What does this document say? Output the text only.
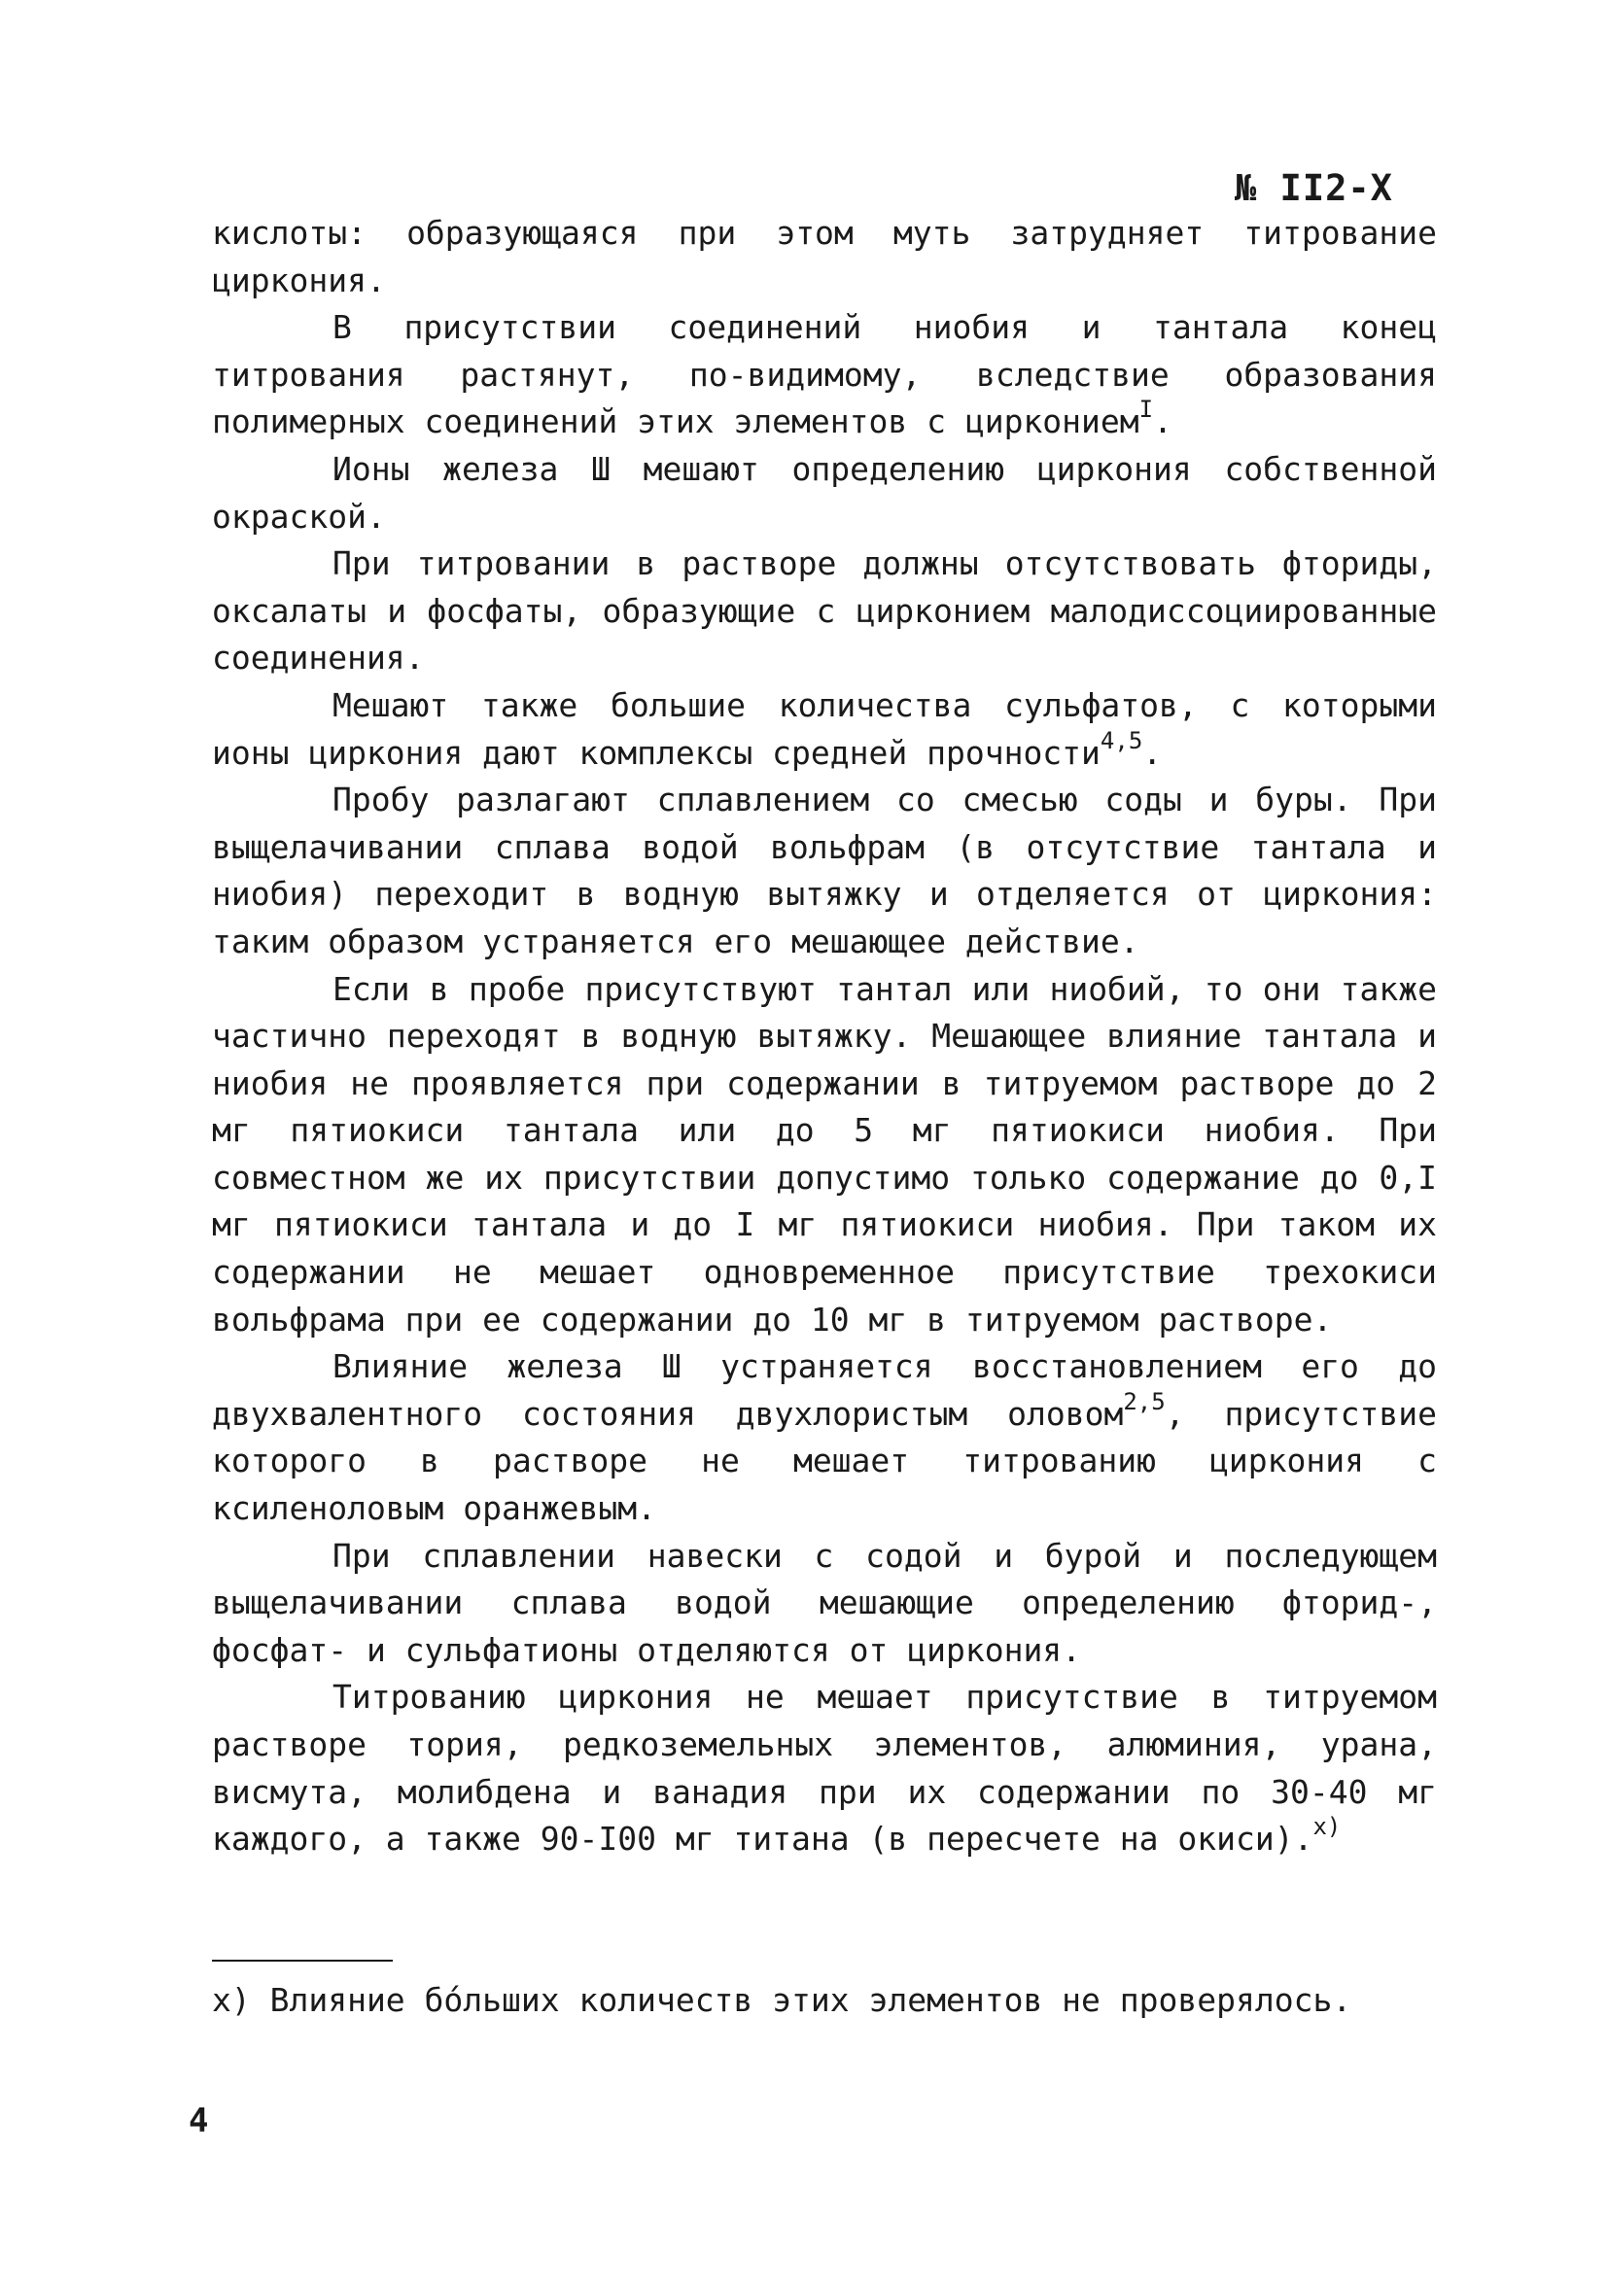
№ II2-X

кислоты: образующаяся при этом муть затрудняет титрование циркония.

В присутствии соединений ниобия и тантала конец титрования растянут, по-видимому, вследствие образования полимерных соединений этих элементов с цирконием$^I$.

Ионы железа Ш мешают определению циркония собственной окраской.

При титровании в растворе должны отсутствовать фториды, оксалаты и фосфаты, образующие с цирконием малодиссоциированные соединения.

Мешают также большие количества сульфатов, с которыми ионы циркония дают комплексы средней прочности$^{4,5}$.

Пробу разлагают сплавлением со смесью соды и буры. При выщелачивании сплава водой вольфрам (в отсутствие тантала и ниобия) переходит в водную вытяжку и отделяется от циркония: таким образом устраняется его мешающее действие.

Если в пробе присутствуют тантал или ниобий, то они также частично переходят в водную вытяжку. Мешающее влияние тантала и ниобия не проявляется при содержании в титруемом растворе до 2 мг пятиокиси тантала или до 5 мг пятиокиси ниобия. При совместном же их присутствии допустимо только содержание до 0,I мг пятиокиси тантала и до I мг пятиокиси ниобия. При таком их содержании не мешает одновременное присутствие трехокиси вольфрама при ее содержании до 10 мг в титруемом растворе.

Влияние железа Ш устраняется восстановлением его до двухвалентного состояния двухлористым оловом$^{2,5}$, присутствие которого в растворе не мешает титрованию циркония с ксиленоловым оранжевым.

При сплавлении навески с содой и бурой и последующем выщелачивании сплава водой мешающие определению фторид-, фосфат- и сульфатионы отделяются от циркония.

Титрованию циркония не мешает присутствие в титруемом растворе тория, редкоземельных элементов, алюминия, урана, висмута, молибдена и ванадия при их содержании по 30-40 мг каждого, а также 90-I00 мг титана (в пересчете на окиси).$^{x)}$

x) Влияние бóльших количеств этих элементов не проверялось.
4
